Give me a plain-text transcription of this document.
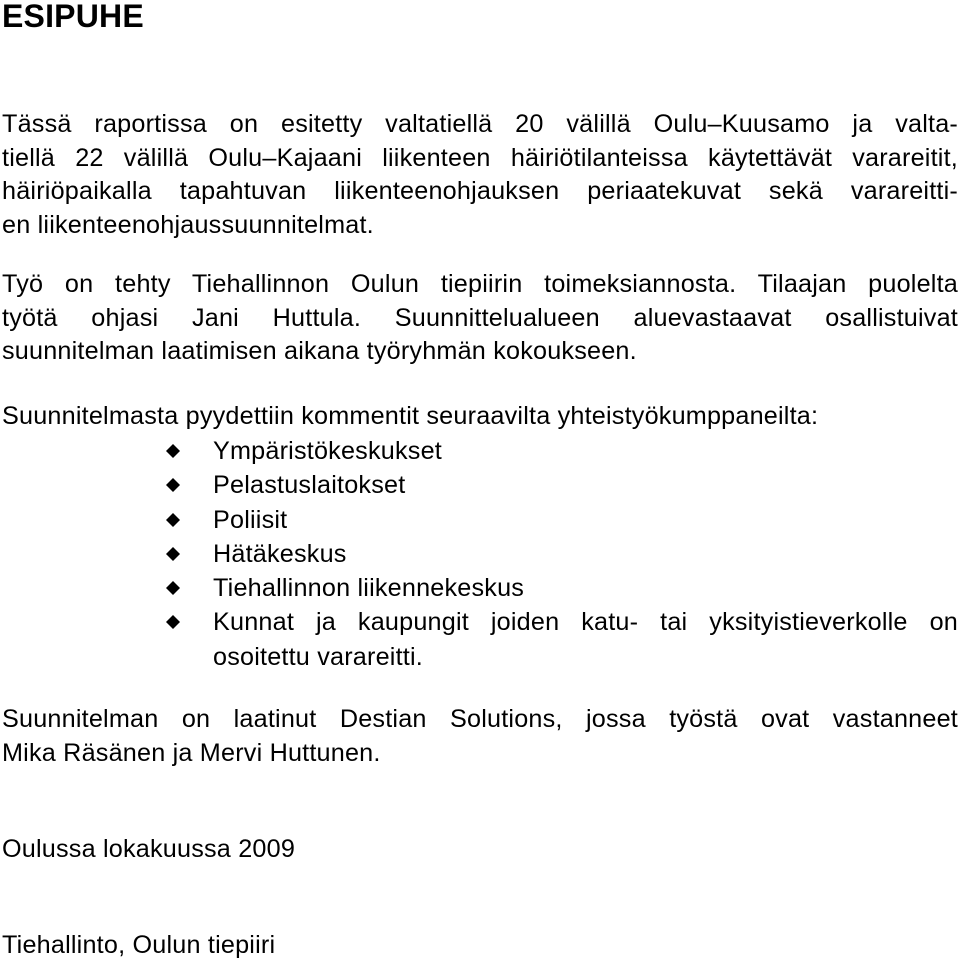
ESIPUHE
Tässä raportissa on esitetty valtatiellä 20 välillä Oulu–Kuusamo ja valta-
tiellä 22 välillä Oulu–Kajaani liikenteen häiriötilanteissa käytettävät varareitit,
häiriöpaikalla tapahtuvan liikenteenohjauksen periaatekuvat sekä varareitti-
en liikenteenohjaussuunnitelmat.
Työ on tehty Tiehallinnon Oulun tiepiirin toimeksiannosta. Tilaajan puolelta
työtä ohjasi Jani Huttula. Suunnittelualueen aluevastaavat osallistuivat
suunnitelman laatimisen aikana työryhmän kokoukseen.
Suunnitelmasta pyydettiin kommentit seuraavilta yhteistyökumppaneilta:
Ympäristökeskukset
Pelastuslaitokset
Poliisit
Hätäkeskus
Tiehallinnon liikennekeskus
Kunnat ja kaupungit joiden katu- tai yksityistieverkolle on
osoitettu varareitti.
Suunnitelman on laatinut Destian Solutions, jossa työstä ovat vastanneet
Mika Räsänen ja Mervi Huttunen.
Oulussa lokakuussa 2009
Tiehallinto, Oulun tiepiiri
